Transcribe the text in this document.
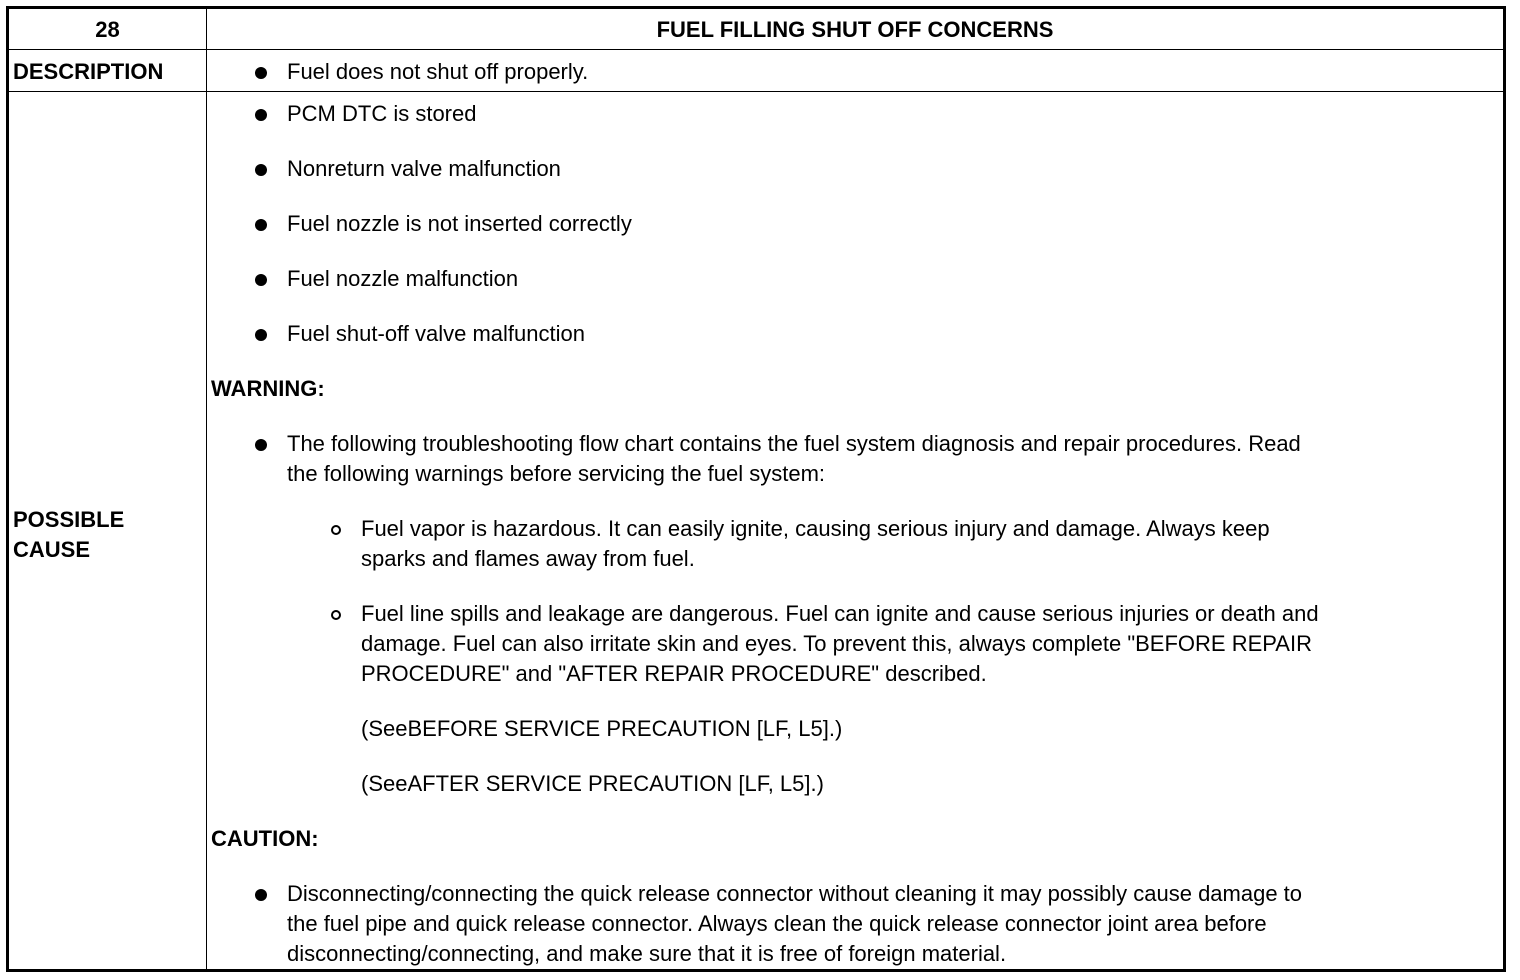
28	FUEL FILLING SHUT OFF CONCERNS
DESCRIPTION	Fuel does not shut off properly.
POSSIBLE
CAUSE
PCM DTC is stored
Nonreturn valve malfunction
Fuel nozzle is not inserted correctly
Fuel nozzle malfunction
Fuel shut-off valve malfunction
WARNING:
The following troubleshooting flow chart contains the fuel system diagnosis and repair procedures. Read
the following warnings before servicing the fuel system:
Fuel vapor is hazardous. It can easily ignite, causing serious injury and damage. Always keep
sparks and flames away from fuel.
Fuel line spills and leakage are dangerous. Fuel can ignite and cause serious injuries or death and
damage. Fuel can also irritate skin and eyes. To prevent this, always complete "BEFORE REPAIR
PROCEDURE" and "AFTER REPAIR PROCEDURE" described.
(SeeBEFORE SERVICE PRECAUTION [LF, L5].)
(SeeAFTER SERVICE PRECAUTION [LF, L5].)
CAUTION:
Disconnecting/connecting the quick release connector without cleaning it may possibly cause damage to
the fuel pipe and quick release connector. Always clean the quick release connector joint area before
disconnecting/connecting, and make sure that it is free of foreign material.
